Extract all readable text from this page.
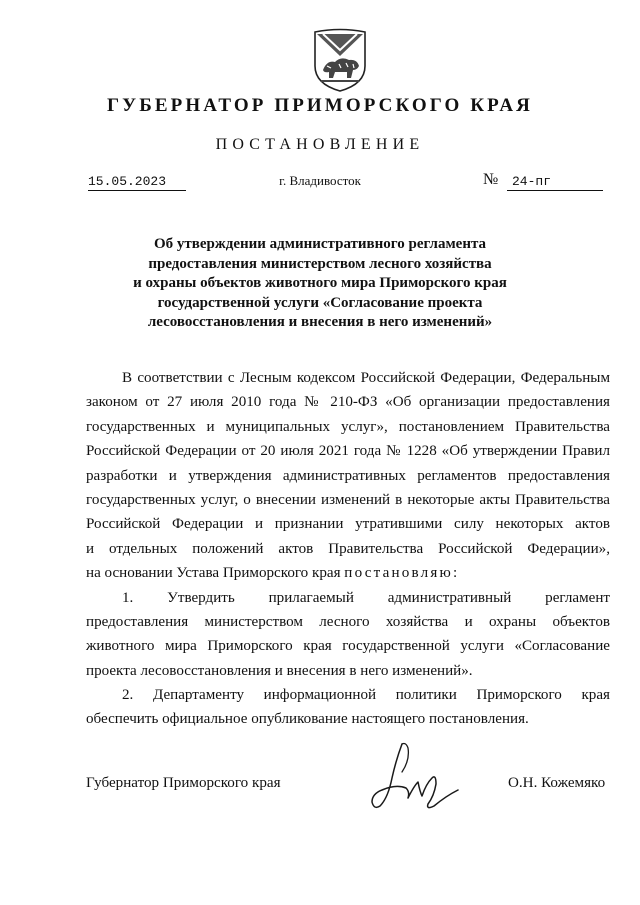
ГУБЕРНАТОР ПРИМОРСКОГО КРАЯ
ПОСТАНОВЛЕНИЕ
15.05.2023	г. Владивосток	№	24-пг
Об утверждении административного регламента
предоставления министерством лесного хозяйства
и охраны объектов животного мира Приморского края
государственной услуги «Согласование проекта
лесовосстановления и внесения в него изменений»
В соответствии с Лесным кодексом Российской Федерации, Федеральным
законом от 27 июля 2010 года № 210-ФЗ «Об организации предоставления
государственных и муниципальных услуг», постановлением Правительства
Российской Федерации от 20 июля 2021 года № 1228 «Об утверждении Правил
разработки и утверждения административных регламентов предоставления
государственных услуг, о внесении изменений в некоторые акты Правительства
Российской Федерации и признании утратившими силу некоторых актов
и отдельных положений актов Правительства Российской Федерации»,
на основании Устава Приморского края постановляю:
1. Утвердить прилагаемый административный регламент
предоставления министерством лесного хозяйства и охраны объектов
животного мира Приморского края государственной услуги «Согласование
проекта лесовосстановления и внесения в него изменений».
2. Департаменту информационной политики Приморского края
обеспечить официальное опубликование настоящего постановления.
Губернатор Приморского края	О.Н. Кожемяко
